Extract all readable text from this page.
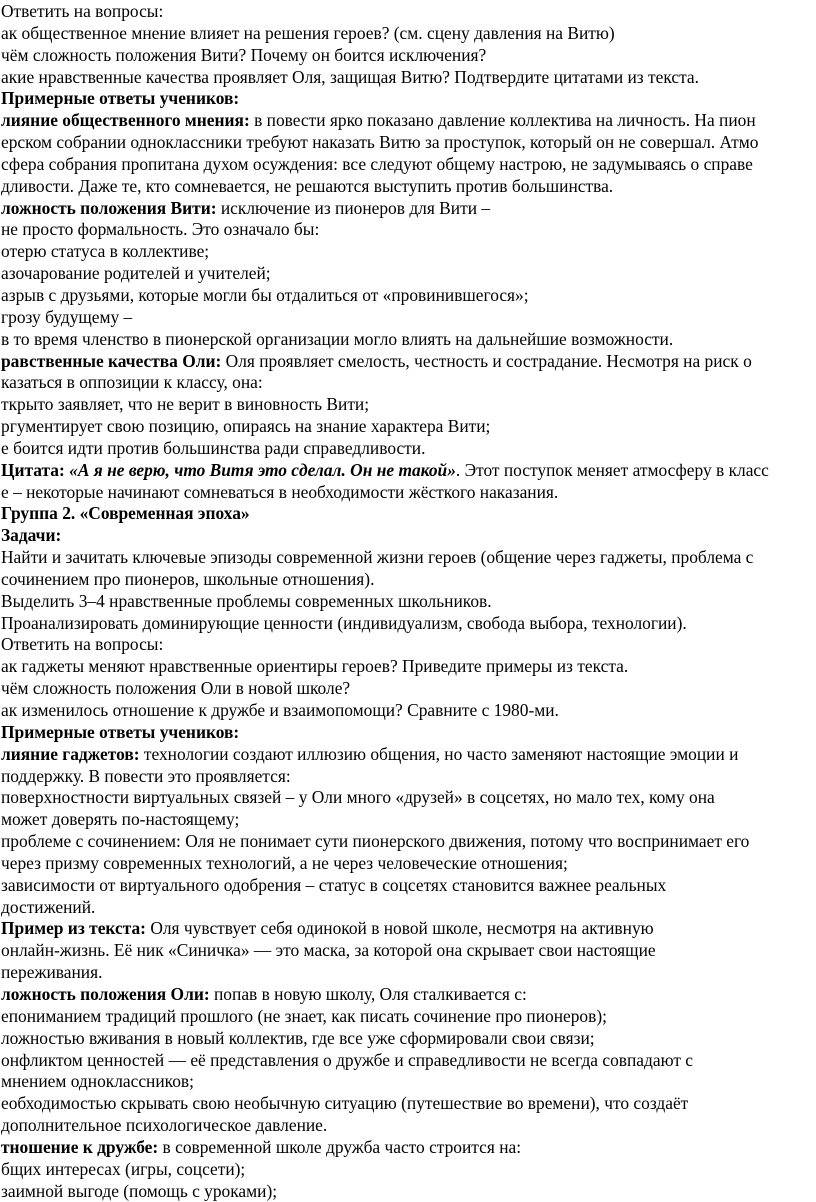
Ответить на вопросы:
ак общественное мнение влияет на решения героев? (см. сцену давления на Витю)
чём сложность положения Вити? Почему он боится исключения?
акие нравственные качества проявляет Оля, защищая Витю? Подтвердите цитатами из текста.
Примерные ответы учеников:
лияние общественного мнения: в повести ярко показано давление коллектива на личность. На пион
ерском собрании одноклассники требуют наказать Витю за проступок, который он не совершал. Атмо
сфера собрания пропитана духом осуждения: все следуют общему настрою, не задумываясь о справе
дливости. Даже те, кто сомневается, не решаются выступить против большинства.
ложность положения Вити: исключение из пионеров для Вити –
не просто формальность. Это означало бы:
отерю статуса в коллективе;
азочарование родителей и учителей;
азрыв с друзьями, которые могли бы отдалиться от «провинившегося»;
грозу будущему –
в то время членство в пионерской организации могло влиять на дальнейшие возможности.
равственные качества Оли: Оля проявляет смелость, честность и сострадание. Несмотря на риск о
казаться в оппозиции к классу, она:
ткрыто заявляет, что не верит в виновность Вити;
ргументирует свою позицию, опираясь на знание характера Вити;
е боится идти против большинства ради справедливости.
Цитата: «А я не верю, что Витя это сделал. Он не такой». Этот поступок меняет атмосферу в класс
е – некоторые начинают сомневаться в необходимости жёсткого наказания.
Группа 2. «Современная эпоха»
Задачи:
Найти и зачитать ключевые эпизоды современной жизни героев (общение через гаджеты, проблема с
сочинением про пионеров, школьные отношения).
Выделить 3–4 нравственные проблемы современных школьников.
Проанализировать доминирующие ценности (индивидуализм, свобода выбора, технологии).
Ответить на вопросы:
ак гаджеты меняют нравственные ориентиры героев? Приведите примеры из текста.
чём сложность положения Оли в новой школе?
ак изменилось отношение к дружбе и взаимопомощи? Сравните с 1980-ми.
Примерные ответы учеников:
лияние гаджетов: технологии создают иллюзию общения, но часто заменяют настоящие эмоции и
поддержку. В повести это проявляется:
поверхностности виртуальных связей – у Оли много «друзей» в соцсетях, но мало тех, кому она
может доверять по-настоящему;
проблеме с сочинением: Оля не понимает сути пионерского движения, потому что воспринимает его
через призму современных технологий, а не через человеческие отношения;
зависимости от виртуального одобрения – статус в соцсетях становится важнее реальных
достижений.
Пример из текста: Оля чувствует себя одинокой в новой школе, несмотря на активную
онлайн-жизнь. Её ник «Синичка» — это маска, за которой она скрывает свои настоящие
переживания.
ложность положения Оли: попав в новую школу, Оля сталкивается с:
епониманием традиций прошлого (не знает, как писать сочинение про пионеров);
ложностью вживания в новый коллектив, где все уже сформировали свои связи;
онфликтом ценностей — её представления о дружбе и справедливости не всегда совпадают с
мнением одноклассников;
еобходимостью скрывать свою необычную ситуацию (путешествие во времени), что создаёт
дополнительное психологическое давление.
тношение к дружбе: в современной школе дружба часто строится на:
бщих интересах (игры, соцсети);
заимной выгоде (помощь с уроками);
